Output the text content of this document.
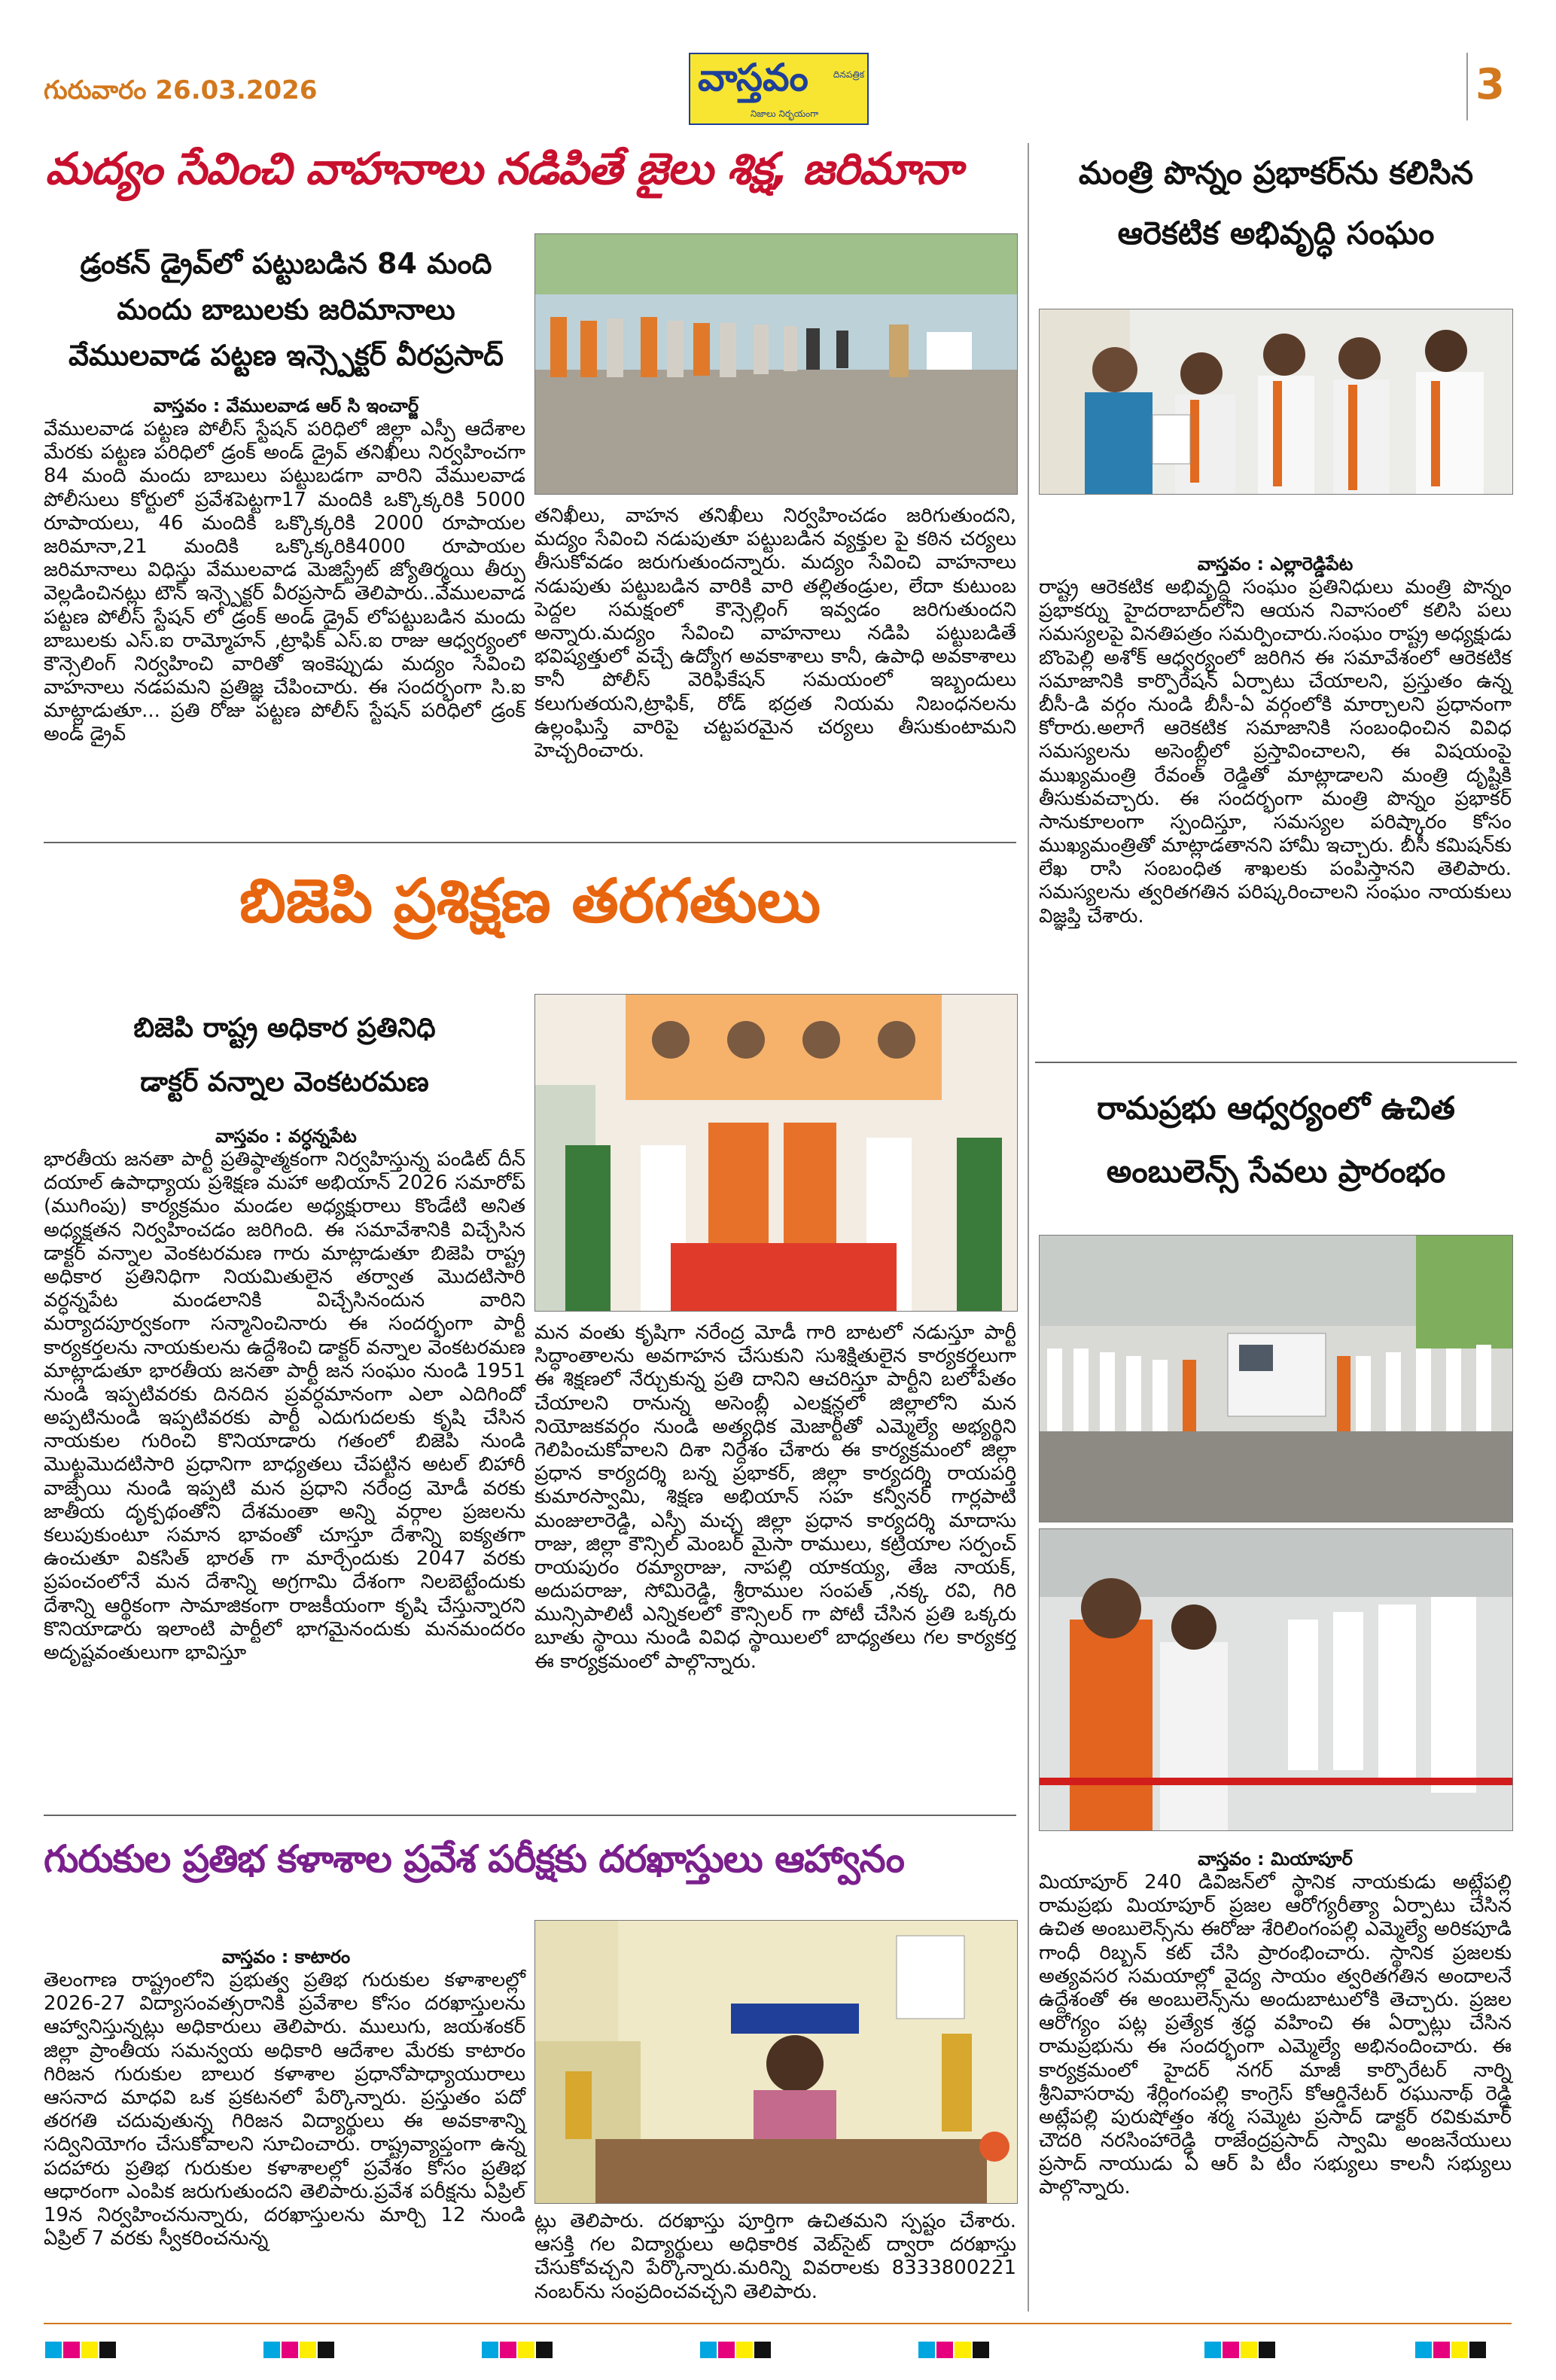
గురువారం 26.03.2026	వాస్తవం	దినపత్రిక
నిజాలు నిర్భయంగా
3
మద్యం సేవించి వాహనాలు నడిపితే జైలు శిక్ష, జరిమానా
డ్రంకన్ డ్రైవ్‌లో పట్టుబడిన 84 మంది
మందు బాబులకు జరిమానాలు
వేములవాడ పట్టణ ఇన్స్పెక్టర్ వీరప్రసాద్
వాస్తవం : వేములవాడ ఆర్ సి ఇంచార్జ్

వేములవాడ పట్టణ పోలీస్ స్టేషన్ పరిధిలో జిల్లా ఎస్పీ ఆదేశాల మేరకు పట్టణ పరిధిలో డ్రంక్ అండ్ డ్రైవ్ తనిఖీలు నిర్వహించగా 84 మంది మందు బాబులు పట్టుబడగా వారిని వేములవాడ పోలీసులు కోర్టులో ప్రవేశపెట్టగా17 మందికి ఒక్కొక్కరికి 5000 రూపాయలు, 46 మందికి ఒక్కొక్కరికి 2000 రూపాయల జరిమానా,21 మందికి ఒక్కొక్కరికి4000 రూపాయల జరిమానాలు విధిస్తు వేములవాడ మెజిస్ట్రేట్ జ్యోతిర్మయి తీర్పు వెల్లడించినట్లు టౌన్ ఇన్స్పెక్టర్ వీరప్రసాద్ తెలిపారు..వేములవాడ పట్టణ పోలీస్ స్టేషన్ లో డ్రంక్ అండ్ డ్రైవ్ లోపట్టుబడిన మందు బాబులకు ఎస్.ఐ రామ్మోహన్ ,ట్రాఫిక్ ఎస్.ఐ రాజు ఆధ్వర్యంలో కౌన్సెలింగ్ నిర్వహించి వారితో ఇంకెప్పుడు మద్యం సేవించి వాహనాలు నడపమని ప్రతిజ్ఞ చేపించారు. ఈ సందర్భంగా సి.ఐ మాట్లాడుతూ... ప్రతి రోజు పట్టణ పోలీస్ స్టేషన్ పరిధిలో డ్రంక్ అండ్ డ్రైవ్

తనిఖీలు, వాహన తనిఖీలు నిర్వహించడం జరిగుతుందని, మద్యం సేవించి నడుపుతూ పట్టుబడిన వ్యక్తుల పై కఠిన చర్యలు తీసుకోవడం జరుగుతుందన్నారు. మద్యం సేవించి వాహనాలు నడుపుతు పట్టుబడిన వారికి వారి తల్లితండ్రుల, లేదా కుటుంబ పెద్దల సమక్షంలో కౌన్సెల్లింగ్ ఇవ్వడం జరిగుతుందని అన్నారు.మద్యం సేవించి వాహనాలు నడిపి పట్టుబడితే భవిష్యత్తులో వచ్చే ఉద్యోగ అవకాశాలు కానీ, ఉపాధి అవకాశాలు కానీ పోలీస్ వెరిఫికేషన్ సమయంలో ఇబ్బందులు కలుగుతయని,ట్రాఫిక్, రోడ్ భద్రత నియమ నిబంధనలను ఉల్లంఘిస్తే వారిపై చట్టపరమైన చర్యలు తీసుకుంటామని హెచ్చరించారు.

మంత్రి పొన్నం ప్రభాకర్‌ను కలిసిన
ఆరెకటిక అభివృద్ధి సంఘం
వాస్తవం : ఎల్లారెడ్డిపేట

రాష్ట్ర ఆరెకటిక అభివృద్ధి సంఘం ప్రతినిధులు మంత్రి పొన్నం ప్రభాకర్ను హైదరాబాద్‌లోని ఆయన నివాసంలో కలిసి పలు సమస్యలపై వినతిపత్రం సమర్పించారు.సంఘం రాష్ట్ర అధ్యక్షుడు బొంపెల్లి అశోక్ ఆధ్వర్యంలో జరిగిన ఈ సమావేశంలో ఆరెకటిక సమాజానికి కార్పొరేషన్ ఏర్పాటు చేయాలని, ప్రస్తుతం ఉన్న బీసీ-డి వర్గం నుండి బీసీ-ఏ వర్గంలోకి మార్చాలని ప్రధానంగా కోరారు.అలాగే ఆరెకటిక సమాజానికి సంబంధించిన వివిధ సమస్యలను అసెంబ్లీలో ప్రస్తావించాలని, ఈ విషయంపై ముఖ్యమంత్రి రేవంత్ రెడ్డితో మాట్లాడాలని మంత్రి దృష్టికి తీసుకువచ్చారు. ఈ సందర్భంగా మంత్రి పొన్నం ప్రభాకర్ సానుకూలంగా స్పందిస్తూ, సమస్యల పరిష్కారం కోసం ముఖ్యమంత్రితో మాట్లాడతానని హామీ ఇచ్చారు. బీసీ కమిషన్‌కు లేఖ రాసి సంబంధిత శాఖలకు పంపిస్తానని తెలిపారు. సమస్యలను త్వరితగతిన పరిష్కరించాలని సంఘం నాయకులు విజ్ఞప్తి చేశారు.

బిజెపి ప్రశిక్షణ తరగతులు
బిజెపి రాష్ట్ర అధికార ప్రతినిధి
డాక్టర్ వన్నాల వెంకటరమణ
వాస్తవం : వర్ధన్నపేట

భారతీయ జనతా పార్టీ ప్రతిష్ఠాత్మకంగా నిర్వహిస్తున్న పండిట్ దీన్ దయాల్ ఉపాధ్యాయ ప్రశిక్షణ మహా అభియాన్ 2026 సమారోప్ (ముగింపు) కార్యక్రమం మండల అధ్యక్షురాలు కొండేటి అనిత అధ్యక్షతన నిర్వహించడం జరిగింది. ఈ సమావేశానికి విచ్చేసిన డాక్టర్ వన్నాల వెంకటరమణ గారు మాట్లాడుతూ బిజెపి రాష్ట్ర అధికార ప్రతినిధిగా నియమితులైన తర్వాత మొదటిసారి వర్ధన్నపేట మండలానికి విచ్చేసినందున వారిని మర్యాదపూర్వకంగా సన్మానించినారు ఈ సందర్భంగా పార్టీ కార్యకర్తలను నాయకులను ఉద్దేశించి డాక్టర్ వన్నాల వెంకటరమణ మాట్లాడుతూ భారతీయ జనతా పార్టీ జన సంఘం నుండి 1951 నుండి ఇప్పటివరకు దినదిన ప్రవర్ధమానంగా ఎలా ఎదిగిందో అప్పటినుండి ఇప్పటివరకు పార్టీ ఎదుగుదలకు కృషి చేసిన నాయకుల గురించి కొనియాడారు గతంలో బిజెపి నుండి మొట్టమొదటిసారి ప్రధానిగా బాధ్యతలు చేపట్టిన అటల్ బిహారీ వాజ్పేయి నుండి ఇప్పటి మన ప్రధాని నరేంద్ర మోడీ వరకు జాతీయ దృక్పథంతోని దేశమంతా అన్ని వర్గాల ప్రజలను కలుపుకుంటూ సమాన భావంతో చూస్తూ దేశాన్ని ఐక్యతగా ఉంచుతూ వికసిత్ భారత్ గా మార్చేందుకు 2047 వరకు ప్రపంచంలోనే మన దేశాన్ని అగ్రగామి దేశంగా నిలబెట్టేందుకు దేశాన్ని ఆర్థికంగా సామాజికంగా రాజకీయంగా కృషి చేస్తున్నారని కొనియాడారు ఇలాంటి పార్టీలో భాగమైనందుకు మనమందరం అదృష్టవంతులుగా భావిస్తూ

మన వంతు కృషిగా నరేంద్ర మోడీ గారి బాటలో నడుస్తూ పార్టీ సిద్ధాంతాలను అవగాహన చేసుకుని సుశిక్షితులైన కార్యకర్తలుగా ఈ శిక్షణలో నేర్చుకున్న ప్రతి దానిని ఆచరిస్తూ పార్టీని బలోపేతం చేయాలని రానున్న అసెంబ్లీ ఎలక్షన్లలో జిల్లాలోని మన నియోజకవర్గం నుండి అత్యధిక మెజార్టీతో ఎమ్మెల్యే అభ్యర్థిని గెలిపించుకోవాలని దిశా నిర్దేశం చేశారు ఈ కార్యక్రమంలో జిల్లా ప్రధాన కార్యదర్శి బన్న ప్రభాకర్, జిల్లా కార్యదర్శి రాయపర్తి కుమారస్వామి, శిక్షణ అభియాన్ సహ కన్వీనర్ గార్లపాటి మంజులారెడ్డి, ఎస్సీ మచ్చ జిల్లా ప్రధాన కార్యదర్శి మాదాసు రాజు, జిల్లా కౌన్సిల్ మెంబర్ మైసా రాములు, కట్రియాల సర్పంచ్ రాయపురం రమ్యారాజు, నాపల్లి యాకయ్య, తేజ నాయక్, అదుపరాజు, సోమిరెడ్డి, శ్రీరాముల సంపత్ ,నక్క రవి, గిరి మున్సిపాలిటీ ఎన్నికలలో కౌన్సిలర్ గా పోటీ చేసిన ప్రతి ఒక్కరు బూతు స్థాయి నుండి వివిధ స్థాయిలలో బాధ్యతలు గల కార్యకర్త ఈ కార్యక్రమంలో పాల్గొన్నారు.

రామప్రభు ఆధ్వర్యంలో ఉచిత
అంబులెన్స్ సేవలు ప్రారంభం
వాస్తవం : మియాపూర్

మియాపూర్ 240 డివిజన్‌లో స్థానిక నాయకుడు అట్లేపల్లి రామప్రభు మియాపూర్ ప్రజల ఆరోగ్యరీత్యా ఏర్పాటు చేసిన ఉచిత అంబులెన్స్‌ను ఈరోజు శేరిలింగంపల్లి ఎమ్మెల్యే అరికపూడి గాంధీ రిబ్బన్ కట్ చేసి ప్రారంభించారు. స్థానిక ప్రజలకు అత్యవసర సమయాల్లో వైద్య సాయం త్వరితగతిన అందాలనే ఉద్దేశంతో ఈ అంబులెన్స్‌ను అందుబాటులోకి తెచ్చారు. ప్రజల ఆరోగ్యం పట్ల ప్రత్యేక శ్రద్ధ వహించి ఈ ఏర్పాట్లు చేసిన రామప్రభును ఈ సందర్భంగా ఎమ్మెల్యే అభినందించారు. ఈ కార్యక్రమంలో హైదర్ నగర్ మాజీ కార్పొరేటర్ నార్ని శ్రీనివాసరావు శేర్లింగంపల్లి కాంగ్రెస్ కోఆర్డినేటర్ రఘునాథ్ రెడ్డి అట్లేపల్లి పురుషోత్తం శర్మ సమ్మెట ప్రసాద్ డాక్టర్ రవికుమార్ చౌదరి నరసింహారెడ్డి రాజేంద్రప్రసాద్ స్వామి అంజనేయులు ప్రసాద్ నాయుడు ఏ ఆర్ పి టీం సభ్యులు కాలనీ సభ్యులు పాల్గొన్నారు.

గురుకుల ప్రతిభ కళాశాల ప్రవేశ పరీక్షకు దరఖాస్తులు ఆహ్వానం
వాస్తవం : కాటారం

తెలంగాణ రాష్ట్రంలోని ప్రభుత్వ ప్రతిభ గురుకుల కళాశాలల్లో 2026-27 విద్యాసంవత్సరానికి ప్రవేశాల కోసం దరఖాస్తులను ఆహ్వానిస్తున్నట్లు అధికారులు తెలిపారు. ములుగు, జయశంకర్ జిల్లా ప్రాంతీయ సమన్వయ అధికారి ఆదేశాల మేరకు కాటారం గిరిజన గురుకుల బాలుర కళాశాల ప్రధానోపాధ్యాయురాలు ఆసనాద మాధవి ఒక ప్రకటనలో పేర్కొన్నారు. ప్రస్తుతం పదో తరగతి చదువుతున్న గిరిజన విద్యార్థులు ఈ అవకాశాన్ని సద్వినియోగం చేసుకోవాలని సూచించారు. రాష్ట్రవ్యాప్తంగా ఉన్న పదహారు ప్రతిభ గురుకుల కళాశాలల్లో ప్రవేశం కోసం ప్రతిభ ఆధారంగా ఎంపిక జరుగుతుందని తెలిపారు.ప్రవేశ పరీక్షను ఏప్రిల్ 19న నిర్వహించనున్నారు, దరఖాస్తులను మార్చి 12 నుండి ఏప్రిల్ 7 వరకు స్వీకరించనున్న

ట్లు తెలిపారు. దరఖాస్తు పూర్తిగా ఉచితమని స్పష్టం చేశారు. ఆసక్తి గల విద్యార్థులు అధికారిక వెబ్‌సైట్ ద్వారా దరఖాస్తు చేసుకోవచ్చని పేర్కొన్నారు.మరిన్ని వివరాలకు 8333800221 నంబర్‌ను సంప్రదించవచ్చని తెలిపారు.
